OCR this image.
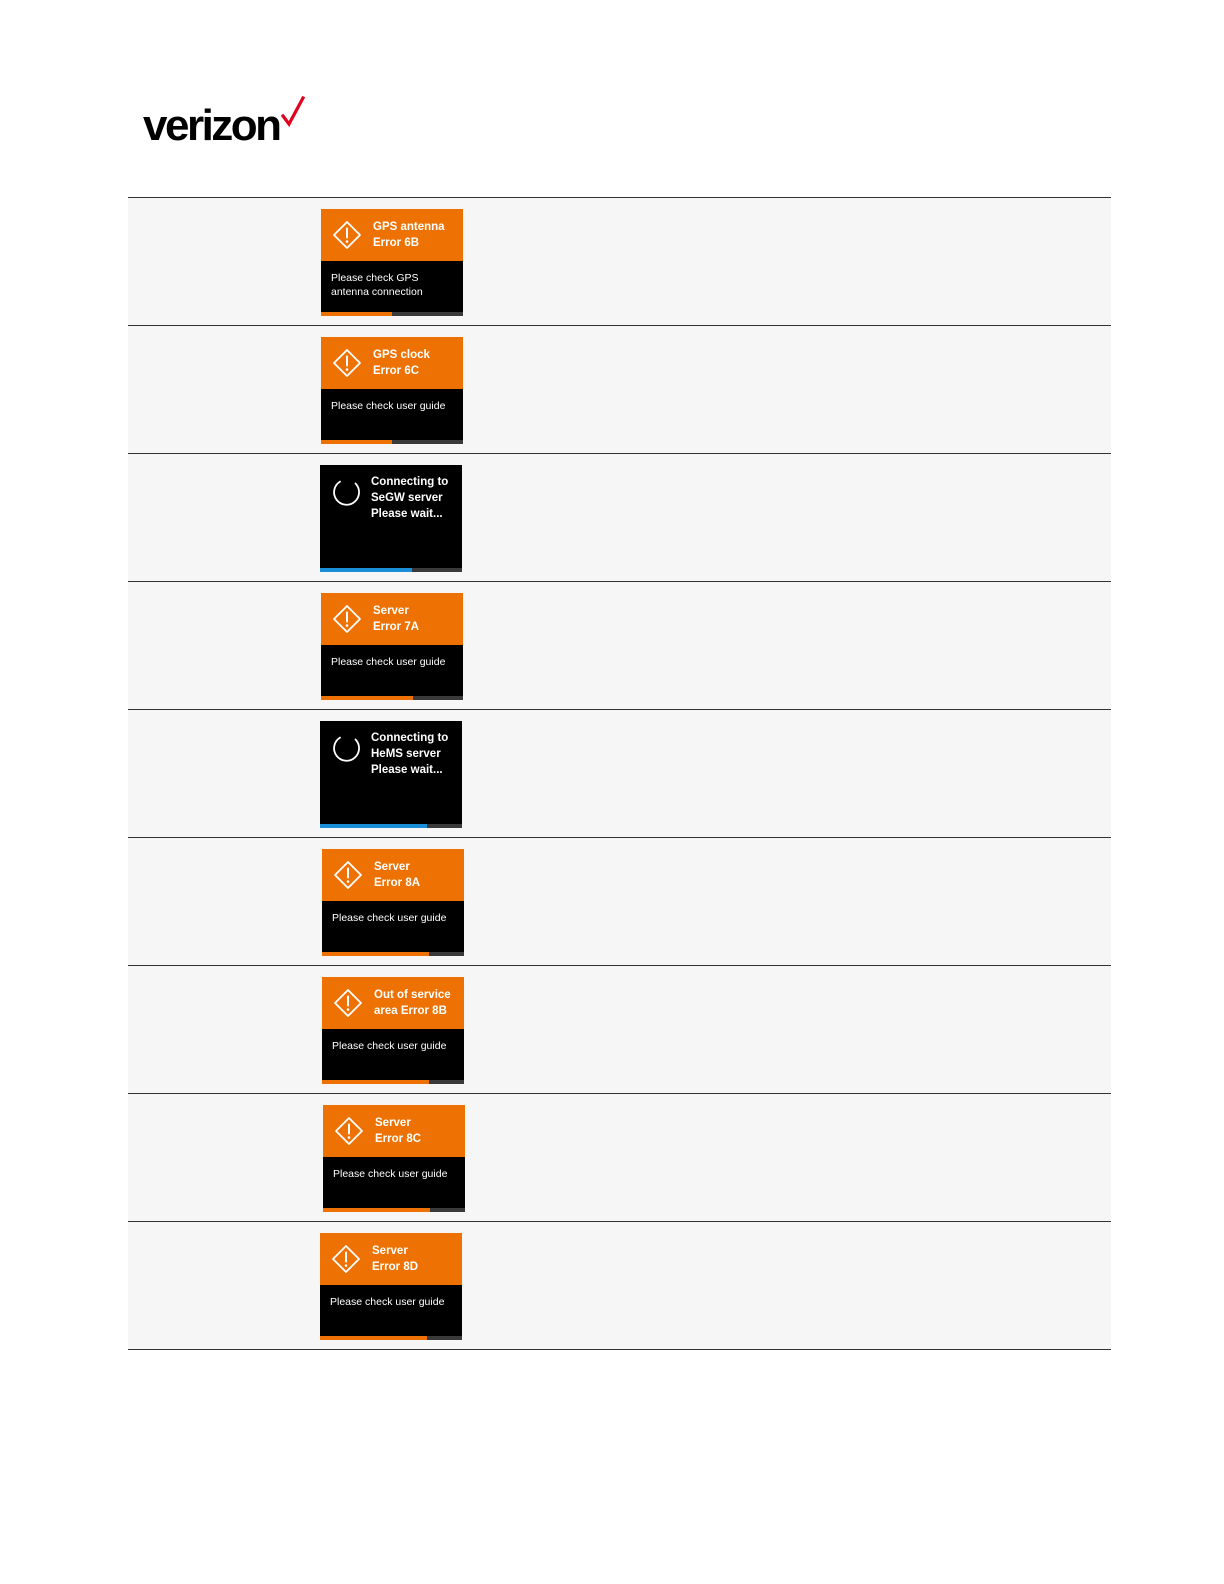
verizon
GPS antenna
Error 6B
Please check GPS antenna connection
GPS clock
Error 6C
Please check user guide
Connecting to
SeGW server
Please wait...
Server
Error 7A
Please check user guide
Connecting to
HeMS server
Please wait...
Server
Error 8A
Please check user guide
Out of service
area Error 8B
Please check user guide
Server
Error 8C
Please check user guide
Server
Error 8D
Please check user guide
